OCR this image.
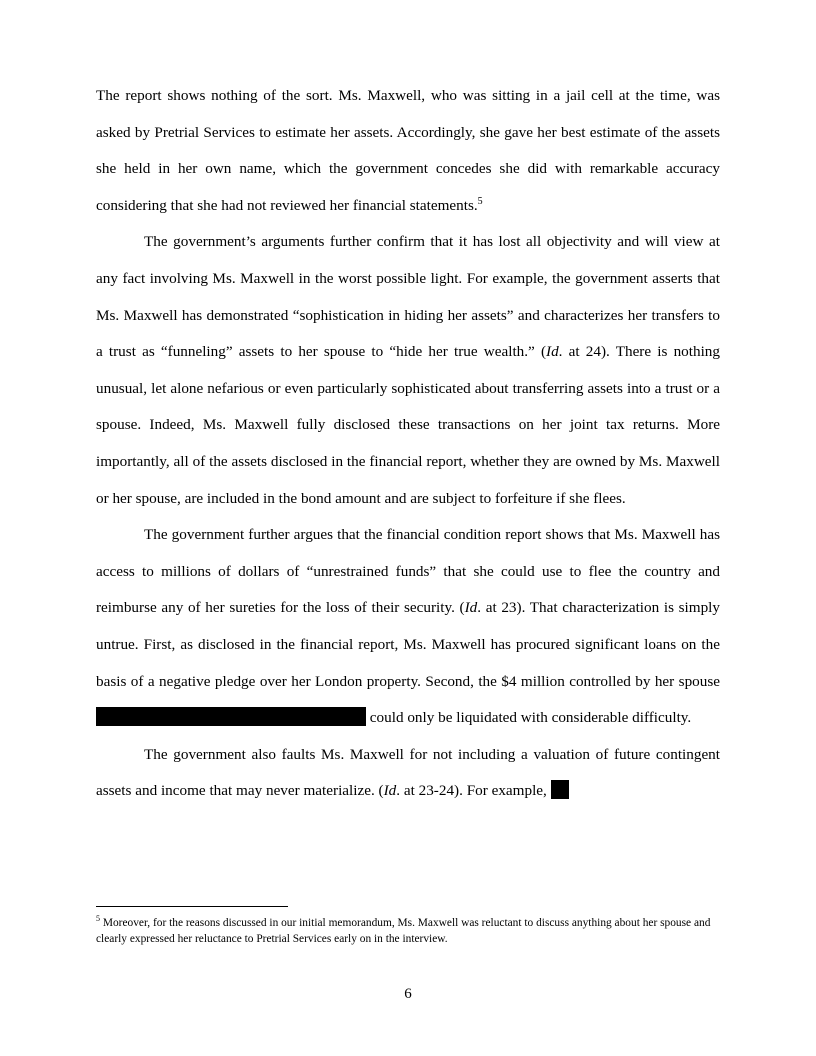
The report shows nothing of the sort. Ms. Maxwell, who was sitting in a jail cell at the time, was asked by Pretrial Services to estimate her assets. Accordingly, she gave her best estimate of the assets she held in her own name, which the government concedes she did with remarkable accuracy considering that she had not reviewed her financial statements.$^5$

The government’s arguments further confirm that it has lost all objectivity and will view at any fact involving Ms. Maxwell in the worst possible light. For example, the government asserts that Ms. Maxwell has demonstrated “sophistication in hiding her assets” and characterizes her transfers to a trust as “funneling” assets to her spouse to “hide her true wealth.” (Id. at 24). There is nothing unusual, let alone nefarious or even particularly sophisticated about transferring assets into a trust or a spouse. Indeed, Ms. Maxwell fully disclosed these transactions on her joint tax returns. More importantly, all of the assets disclosed in the financial report, whether they are owned by Ms. Maxwell or her spouse, are included in the bond amount and are subject to forfeiture if she flees.

The government further argues that the financial condition report shows that Ms. Maxwell has access to millions of dollars of “unrestrained funds” that she could use to flee the country and reimburse any of her sureties for the loss of their security. (Id. at 23). That characterization is simply untrue. First, as disclosed in the financial report, Ms. Maxwell has procured significant loans on the basis of a negative pledge over her London property. Second, the $4 million controlled by her spouse  could only be liquidated with considerable difficulty.

The government also faults Ms. Maxwell for not including a valuation of future contingent assets and income that may never materialize. (Id. at 23-24). For example,

$^5$ Moreover, for the reasons discussed in our initial memorandum, Ms. Maxwell was reluctant to discuss anything about her spouse and clearly expressed her reluctance to Pretrial Services early on in the interview.
6
